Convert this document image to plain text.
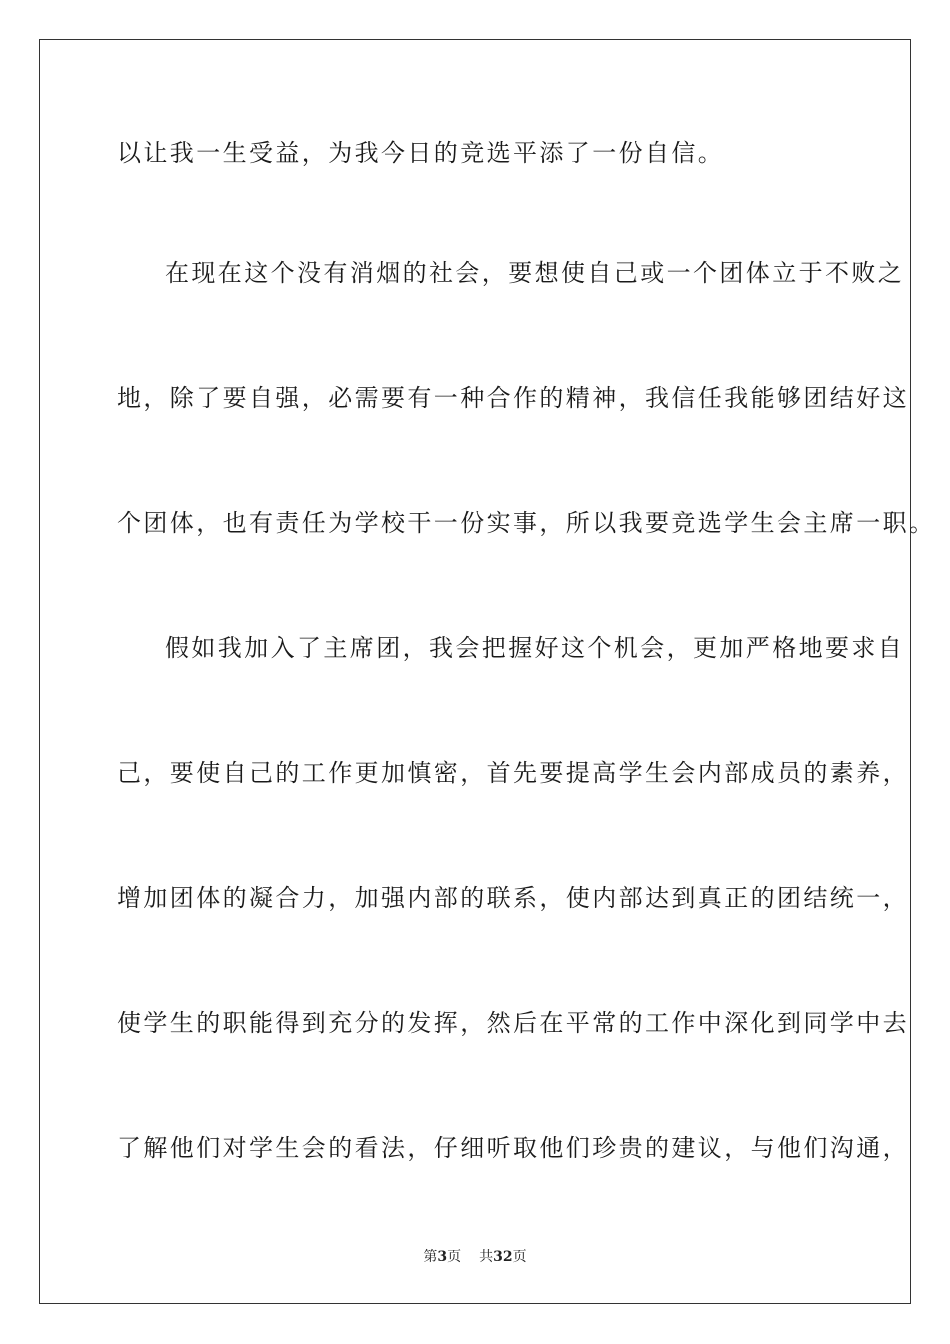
以让我一生受益，为我今日的竞选平添了一份自信。
在现在这个没有消烟的社会，要想使自己或一个团体立于不败之
地，除了要自强，必需要有一种合作的精神，我信任我能够团结好这
个团体，也有责任为学校干一份实事，所以我要竞选学生会主席一职。
假如我加入了主席团，我会把握好这个机会，更加严格地要求自
己，要使自己的工作更加慎密，首先要提高学生会内部成员的素养，
增加团体的凝合力，加强内部的联系，使内部达到真正的团结统一，
使学生的职能得到充分的发挥，然后在平常的工作中深化到同学中去
了解他们对学生会的看法，仔细听取他们珍贵的建议，与他们沟通，
第3页 共32页
